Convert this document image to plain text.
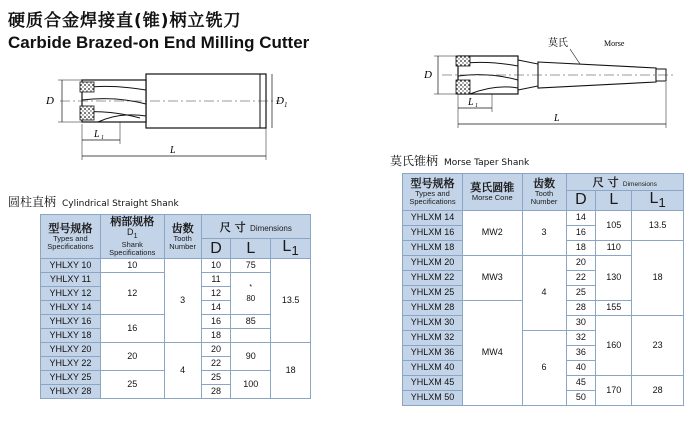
硬质合金焊接直(锥)柄立铣刀
Carbide Brazed-on End Milling Cutter
D	D 1
L 1
L
莫氏	Morse
D
L 1
L
圆柱直柄 Cylindrical Straight Shank
莫氏锥柄 Morse Taper Shank
型号规格
Types and
Specifications	柄部规格
$D_1$
Shank
Specifications	齿数
Tooth
Number	尺 寸 Dimensions		
			D	L	$L_1$
YHLXY 10	10	3	10	75	13.5
YHLXY 11	12		11	*
80	
YHLXY 12			12		
YHLXY 14			14		
YHLXY 16	16		16	85	
YHLXY 18			18		
YHLXY 20	20	4	20	90	18
YHLXY 22			22		
YHLXY 25	25		25	100	
YHLXY 28			28		
型号规格
Types and
Specifications	莫氏圆锥
Morse Cone	齿数
Tooth
Number	尺 寸 Dimensions		
			D	L	$L_1$
YHLXM 14	MW2	3	14	105	13.5
YHLXM 16			16		
YHLXM 18			18	110	18
YHLXM 20	MW3	4	20	130	
YHLXM 22			22		
YHLXM 25			25		
YHLXM 28	MW4		28	155	
YHLXM 30			30	160	23
YHLXM 32		6	32		
YHLXM 36			36		
YHLXM 40			40		
YHLXM 45			45	170	28
YHLXM 50			50		
